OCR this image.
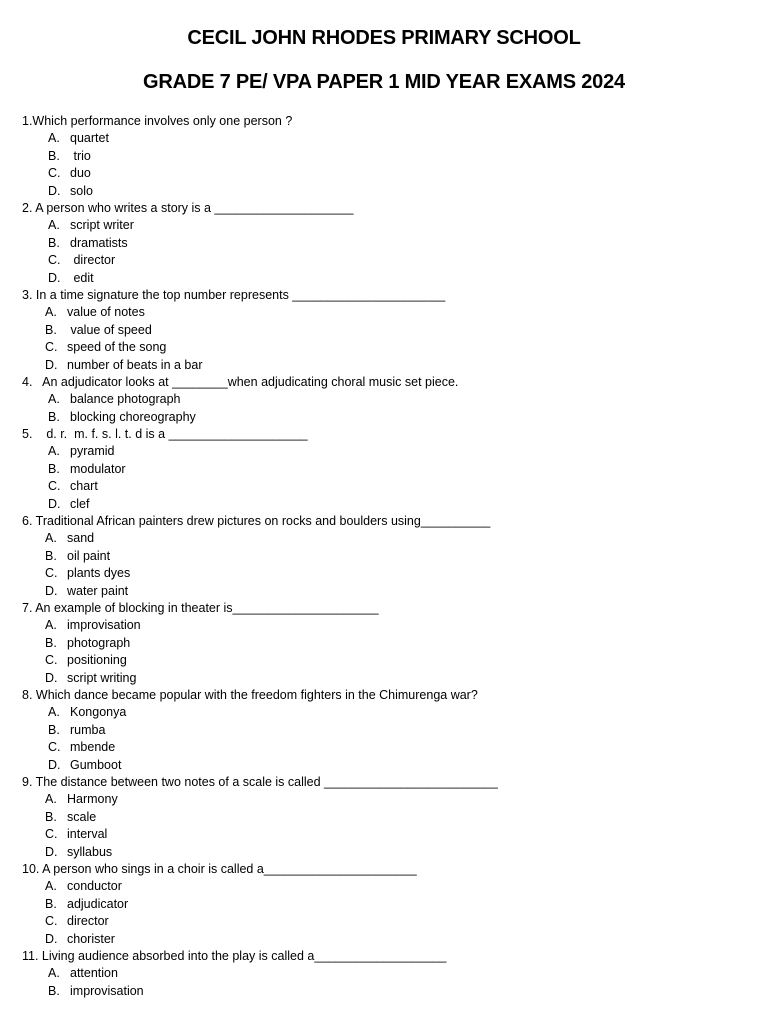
CECIL JOHN RHODES PRIMARY SCHOOL
GRADE 7 PE/ VPA PAPER 1 MID YEAR EXAMS 2024
1.Which performance involves only one person ?
A. quartet
B. trio
C. duo
D. solo
2. A person who writes a story is a ____________________
A. script writer
B. dramatists
C. director
D. edit
3. In a time signature the top number represents ______________________
A. value of notes
B. value of speed
C. speed of the song
D. number of beats in a bar
4.   An adjudicator looks at ________when adjudicating choral music set piece.
A. balance photograph
B. blocking choreography
5.    d. r.  m. f. s. l. t. d is a ____________________
A. pyramid
B. modulator
C. chart
D. clef
6. Traditional African painters drew pictures on rocks and boulders using__________
A. sand
B. oil paint
C. plants dyes
D. water paint
7. An example of blocking in theater is_____________________
A. improvisation
B. photograph
C. positioning
D. script writing
8. Which dance became popular with the freedom fighters in the Chimurenga war?
A. Kongonya
B. rumba
C. mbende
D. Gumboot
9. The distance between two notes of a scale is called _________________________
A. Harmony
B. scale
C. interval
D. syllabus
10. A person who sings in a choir is called a______________________
A. conductor
B. adjudicator
C. director
D. chorister
11. Living audience absorbed into the play is called a___________________
A. attention
B. improvisation
